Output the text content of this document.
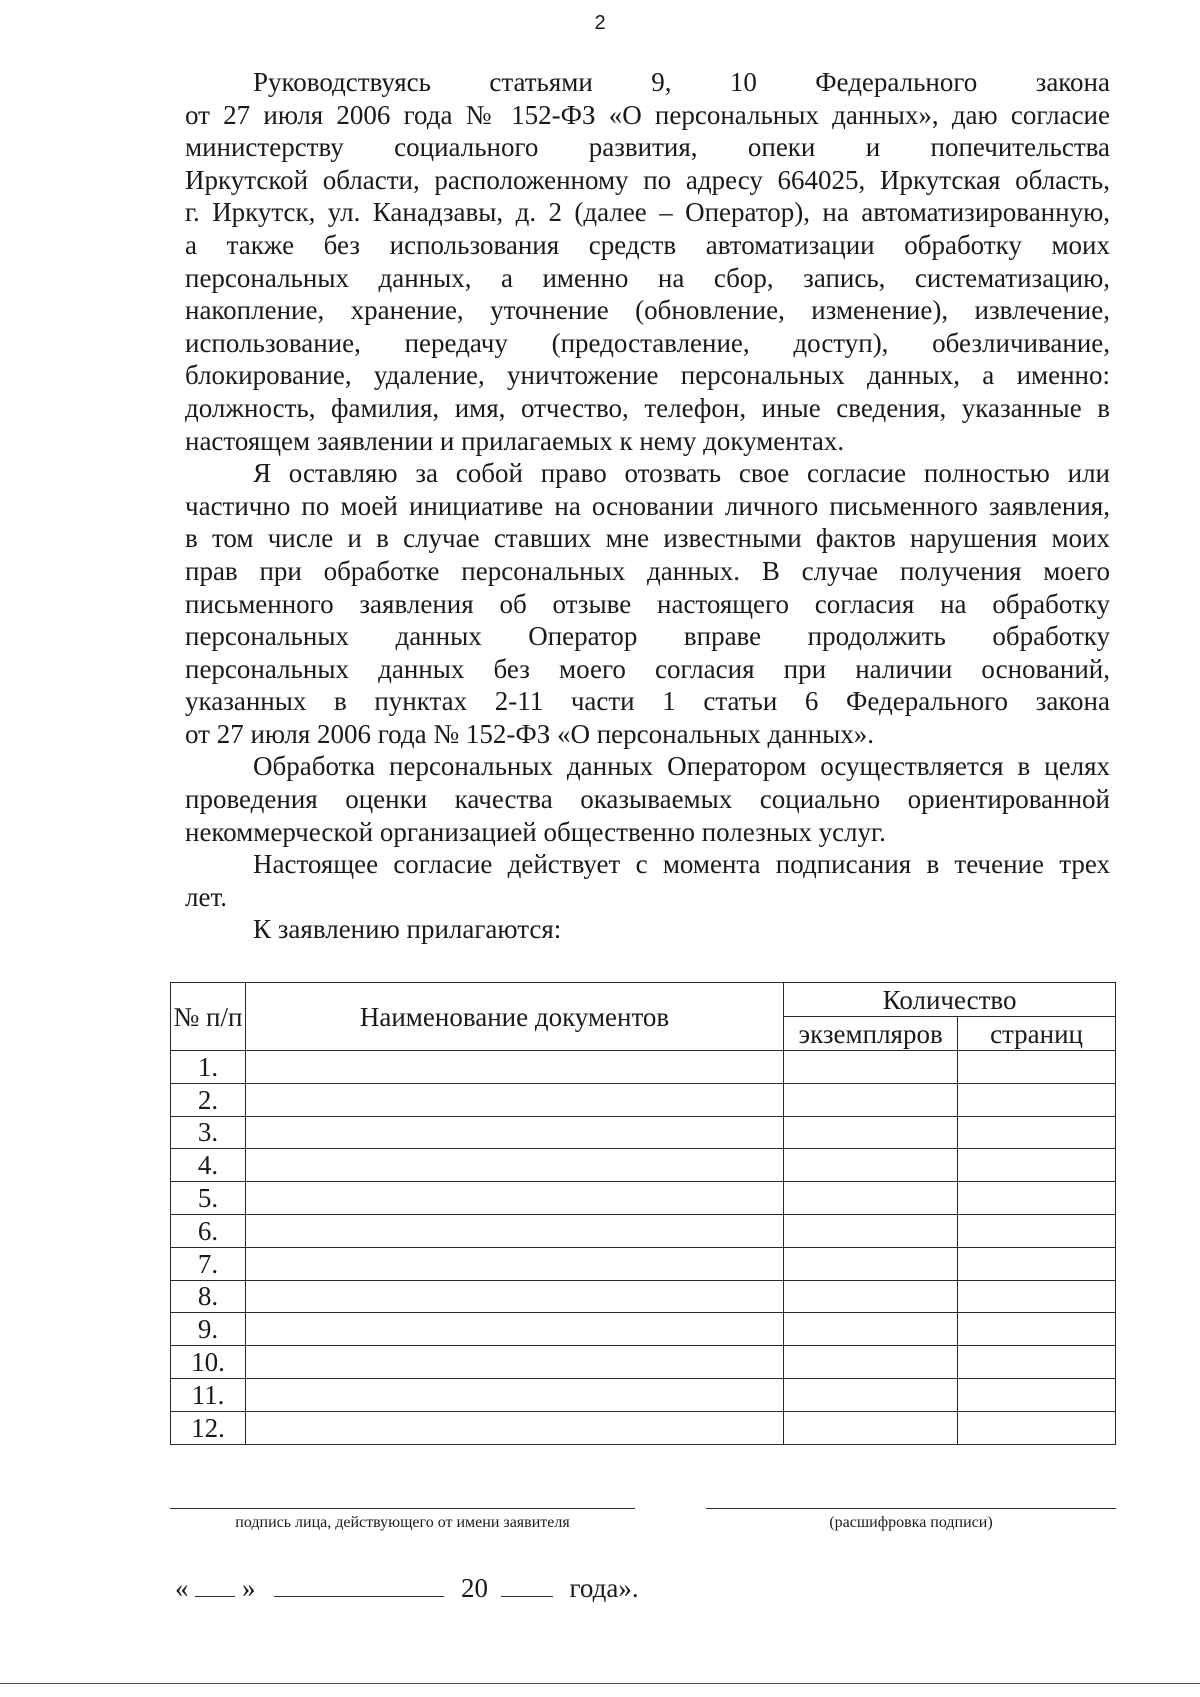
2

Руководствуясь статьями 9, 10 Федерального закона

от 27 июля 2006 года № 152-ФЗ «О персональных данных», даю согласие

министерству социального развития, опеки и попечительства

Иркутской области, расположенному по адресу 664025, Иркутская область,

г. Иркутск, ул. Канадзавы, д. 2 (далее – Оператор), на автоматизированную,

а также без использования средств автоматизации обработку моих

персональных данных, а именно на сбор, запись, систематизацию,

накопление, хранение, уточнение (обновление, изменение), извлечение,

использование, передачу (предоставление, доступ), обезличивание,

блокирование, удаление, уничтожение персональных данных, а именно:

должность, фамилия, имя, отчество, телефон, иные сведения, указанные в

настоящем заявлении и прилагаемых к нему документах.

Я оставляю за собой право отозвать свое согласие полностью или

частично по моей инициативе на основании личного письменного заявления,

в том числе и в случае ставших мне известными фактов нарушения моих

прав при обработке персональных данных. В случае получения моего

письменного заявления об отзыве настоящего согласия на обработку

персональных данных Оператор вправе продолжить обработку

персональных данных без моего согласия при наличии оснований,

указанных в пунктах 2-11 части 1 статьи 6 Федерального закона

от 27 июля 2006 года № 152-ФЗ «О персональных данных».

Обработка персональных данных Оператором осуществляется в целях

проведения оценки качества оказываемых социально ориентированной

некоммерческой организацией общественно полезных услуг.

Настоящее согласие действует с момента подписания в течение трех

лет.

К заявлению прилагаются:

№ п/п	Наименование документов	Количество	
		экземпляров	страниц
1.			
2.			
3.			
4.			
5.			
6.			
7.			
8.			
9.			
10.			
11.			
12.			
подпись лица, действующего от имени заявителя	(расшифровка подписи)
« »	20	года».
